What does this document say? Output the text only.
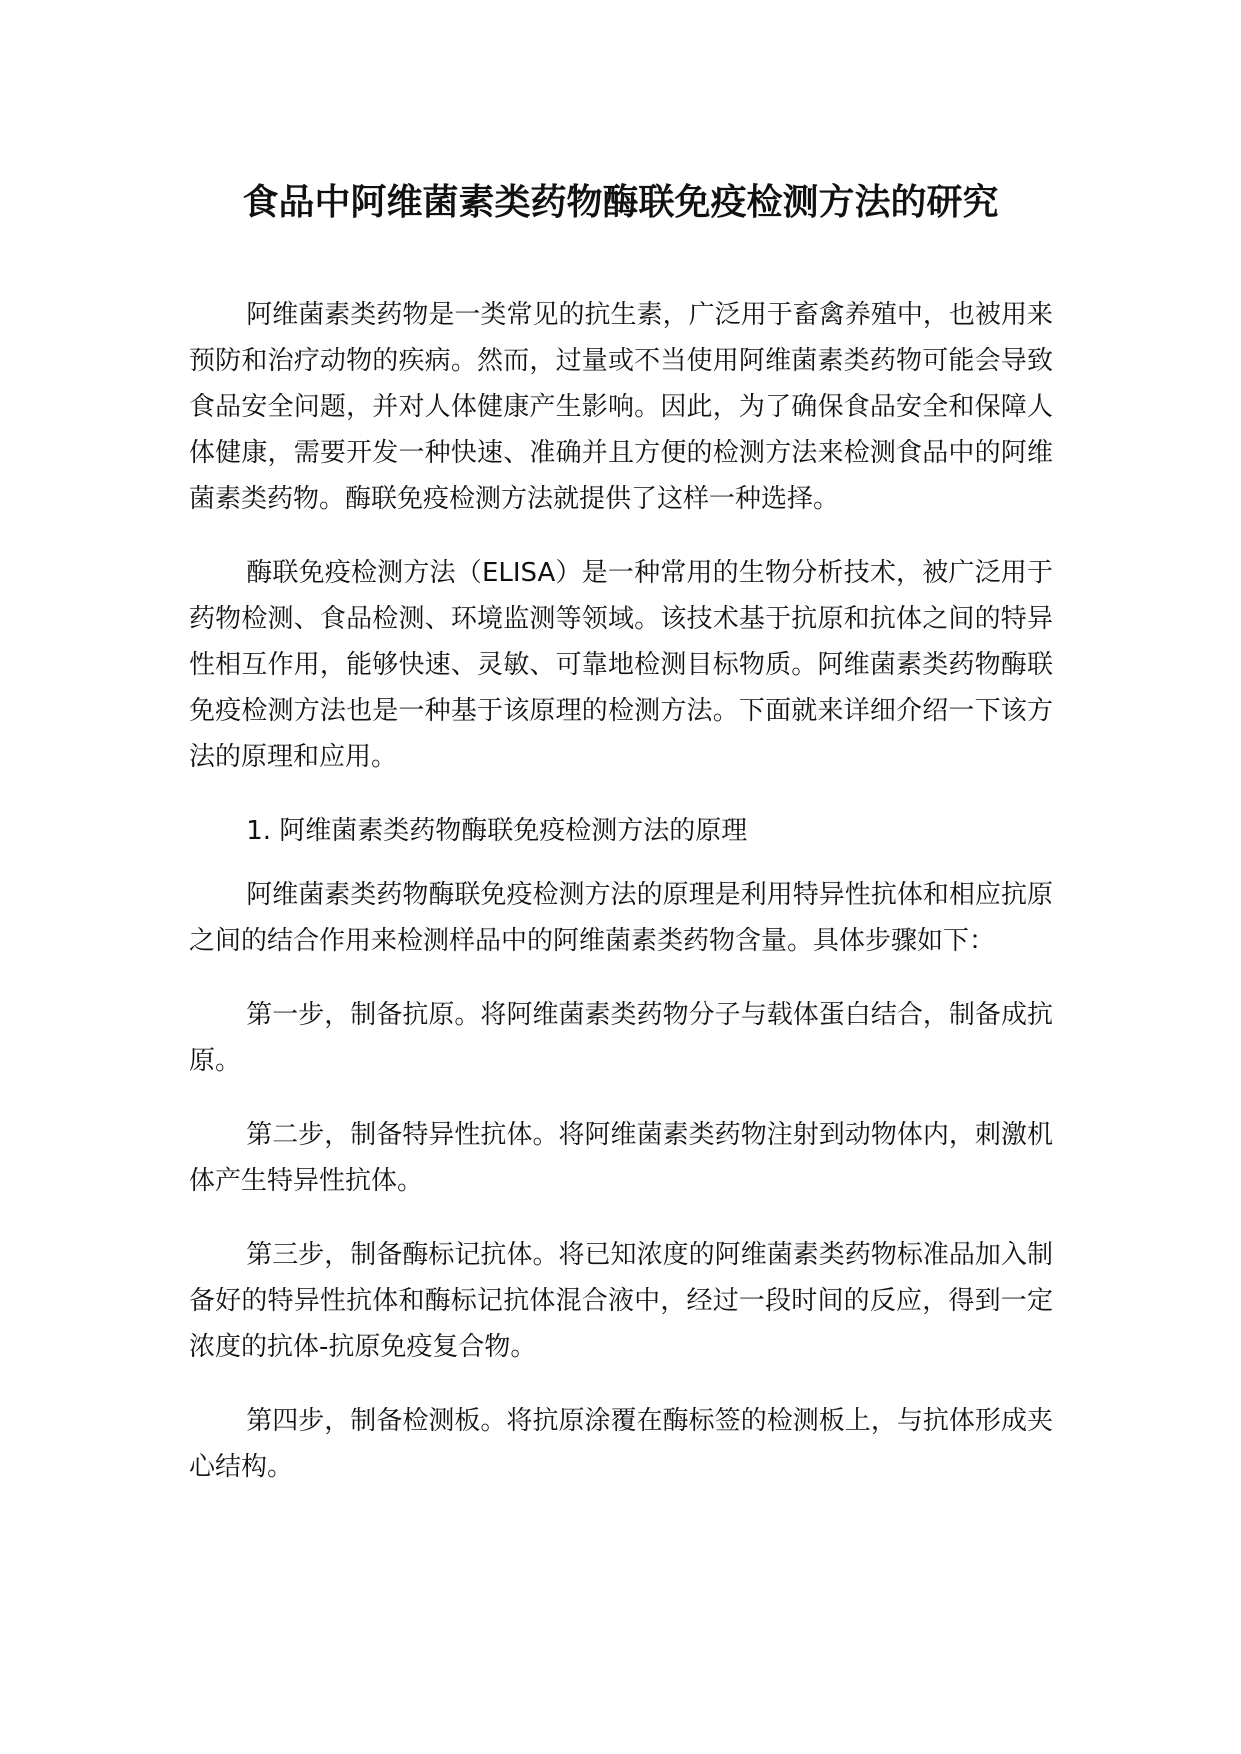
食品中阿维菌素类药物酶联免疫检测方法的研究

阿维菌素类药物是一类常见的抗生素，广泛用于畜禽养殖中，也被用来预防和治疗动物的疾病。然而，过量或不当使用阿维菌素类药物可能会导致食品安全问题，并对人体健康产生影响。因此，为了确保食品安全和保障人体健康，需要开发一种快速、准确并且方便的检测方法来检测食品中的阿维菌素类药物。酶联免疫检测方法就提供了这样一种选择。

酶联免疫检测方法（ELISA）是一种常用的生物分析技术，被广泛用于药物检测、食品检测、环境监测等领域。该技术基于抗原和抗体之间的特异性相互作用，能够快速、灵敏、可靠地检测目标物质。阿维菌素类药物酶联免疫检测方法也是一种基于该原理的检测方法。下面就来详细介绍一下该方法的原理和应用。

1. 阿维菌素类药物酶联免疫检测方法的原理

阿维菌素类药物酶联免疫检测方法的原理是利用特异性抗体和相应抗原之间的结合作用来检测样品中的阿维菌素类药物含量。具体步骤如下：

第一步，制备抗原。将阿维菌素类药物分子与载体蛋白结合，制备成抗原。

第二步，制备特异性抗体。将阿维菌素类药物注射到动物体内，刺激机体产生特异性抗体。

第三步，制备酶标记抗体。将已知浓度的阿维菌素类药物标准品加入制备好的特异性抗体和酶标记抗体混合液中，经过一段时间的反应，得到一定浓度的抗体-抗原免疫复合物。

第四步，制备检测板。将抗原涂覆在酶标签的检测板上，与抗体形成夹心结构。
